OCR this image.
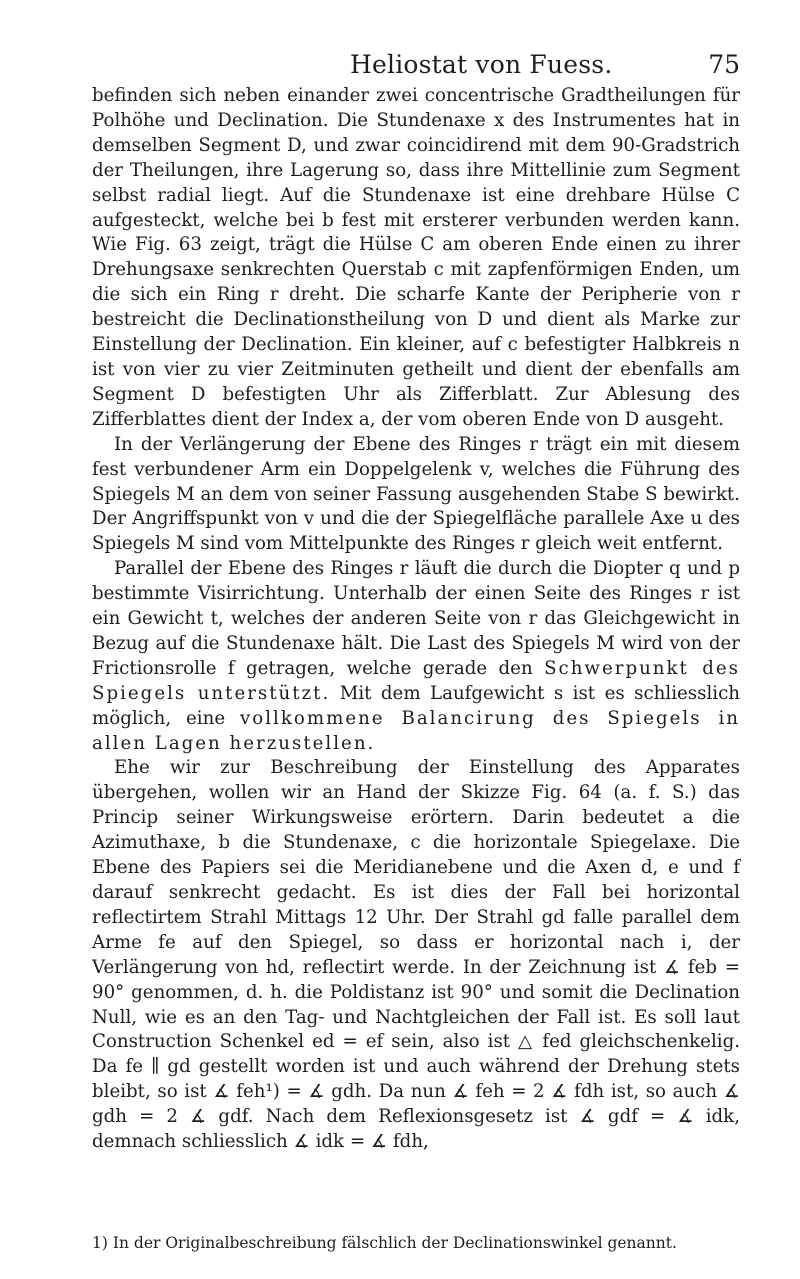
Heliostat von Fuess.	75

befinden sich neben einander zwei concentrische Gradtheilungen für Polhöhe und Declination. Die Stundenaxe x des Instrumentes hat in demselben Segment D, und zwar coincidirend mit dem 90-Gradstrich der Theilungen, ihre Lagerung so, dass ihre Mittellinie zum Segment selbst radial liegt. Auf die Stundenaxe ist eine drehbare Hülse C aufgesteckt, welche bei b fest mit ersterer verbunden werden kann. Wie Fig. 63 zeigt, trägt die Hülse C am oberen Ende einen zu ihrer Drehungsaxe senkrechten Querstab c mit zapfenförmigen Enden, um die sich ein Ring r dreht. Die scharfe Kante der Peripherie von r bestreicht die Declinationstheilung von D und dient als Marke zur Einstellung der Declination. Ein kleiner, auf c befestigter Halbkreis n ist von vier zu vier Zeitminuten getheilt und dient der ebenfalls am Segment D befestigten Uhr als Zifferblatt. Zur Ablesung des Zifferblattes dient der Index a, der vom oberen Ende von D ausgeht.

In der Verlängerung der Ebene des Ringes r trägt ein mit diesem fest verbundener Arm ein Doppelgelenk v, welches die Führung des Spiegels M an dem von seiner Fassung ausgehenden Stabe S bewirkt. Der Angriffspunkt von v und die der Spiegelfläche parallele Axe u des Spiegels M sind vom Mittelpunkte des Ringes r gleich weit entfernt.

Parallel der Ebene des Ringes r läuft die durch die Diopter q und p bestimmte Visirrichtung. Unterhalb der einen Seite des Ringes r ist ein Gewicht t, welches der anderen Seite von r das Gleichgewicht in Bezug auf die Stundenaxe hält. Die Last des Spiegels M wird von der Frictionsrolle f getragen, welche gerade den Schwerpunkt des Spiegels unterstützt. Mit dem Laufgewicht s ist es schliesslich möglich, eine vollkommene Balancirung des Spiegels in allen Lagen herzustellen.

Ehe wir zur Beschreibung der Einstellung des Apparates übergehen, wollen wir an Hand der Skizze Fig. 64 (a. f. S.) das Princip seiner Wirkungsweise erörtern. Darin bedeutet a die Azimuthaxe, b die Stundenaxe, c die horizontale Spiegelaxe. Die Ebene des Papiers sei die Meridianebene und die Axen d, e und f darauf senkrecht gedacht. Es ist dies der Fall bei horizontal reflectirtem Strahl Mittags 12 Uhr. Der Strahl gd falle parallel dem Arme fe auf den Spiegel, so dass er horizontal nach i, der Verlängerung von hd, reflectirt werde. In der Zeichnung ist ∡ feb = 90° genommen, d. h. die Poldistanz ist 90° und somit die Declination Null, wie es an den Tag- und Nachtgleichen der Fall ist. Es soll laut Construction Schenkel ed = ef sein, also ist △ fed gleichschenkelig. Da fe ∥ gd gestellt worden ist und auch während der Drehung stets bleibt, so ist ∡ feh¹) = ∡ gdh. Da nun ∡ feh = 2 ∡ fdh ist, so auch ∡ gdh = 2 ∡ gdf. Nach dem Reflexionsgesetz ist ∡ gdf = ∡ idk, demnach schliesslich ∡ idk = ∡ fdh,

1) In der Originalbeschreibung fälschlich der Declinationswinkel genannt.
